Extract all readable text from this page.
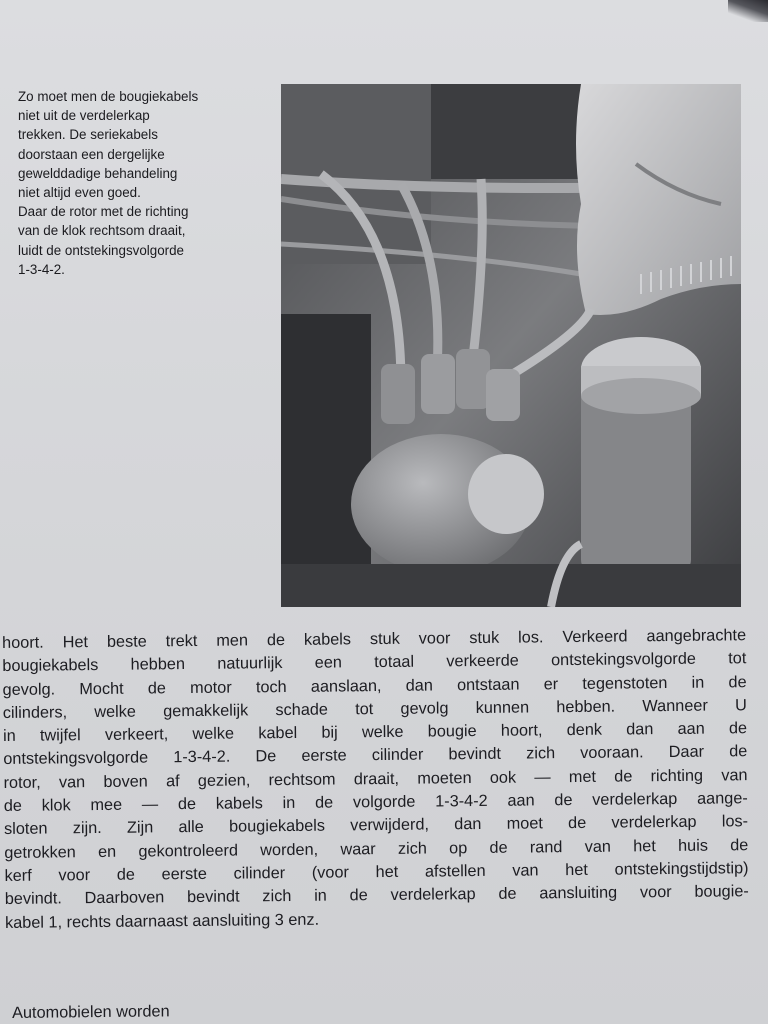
Zo moet men de bougiekabels
niet uit de verdelerkap
trekken. De seriekabels
doorstaan een dergelijke
gewelddadige behandeling
niet altijd even goed.
Daar de rotor met de richting
van de klok rechtsom draait,
luidt de ontstekingsvolgorde
1-3-4-2.
hoort. Het beste trekt men de kabels stuk voor stuk los. Verkeerd aangebrachte
bougiekabels hebben natuurlijk een totaal verkeerde ontstekingsvolgorde tot
gevolg. Mocht de motor toch aanslaan, dan ontstaan er tegenstoten in de
cilinders, welke gemakkelijk schade tot gevolg kunnen hebben. Wanneer U
in twijfel verkeert, welke kabel bij welke bougie hoort, denk dan aan de
ontstekingsvolgorde 1-3-4-2. De eerste cilinder bevindt zich vooraan. Daar de
rotor, van boven af gezien, rechtsom draait, moeten ook — met de richting van
de klok mee — de kabels in de volgorde 1-3-4-2 aan de verdelerkap aange-
sloten zijn. Zijn alle bougiekabels verwijderd, dan moet de verdelerkap los-
getrokken en gekontroleerd worden, waar zich op de rand van het huis de
kerf voor de eerste cilinder (voor het afstellen van het ontstekingstijdstip)
bevindt. Daarboven bevindt zich in de verdelerkap de aansluiting voor bougie-
kabel 1, rechts daarnaast aansluiting 3 enz.
Automobielen worden
